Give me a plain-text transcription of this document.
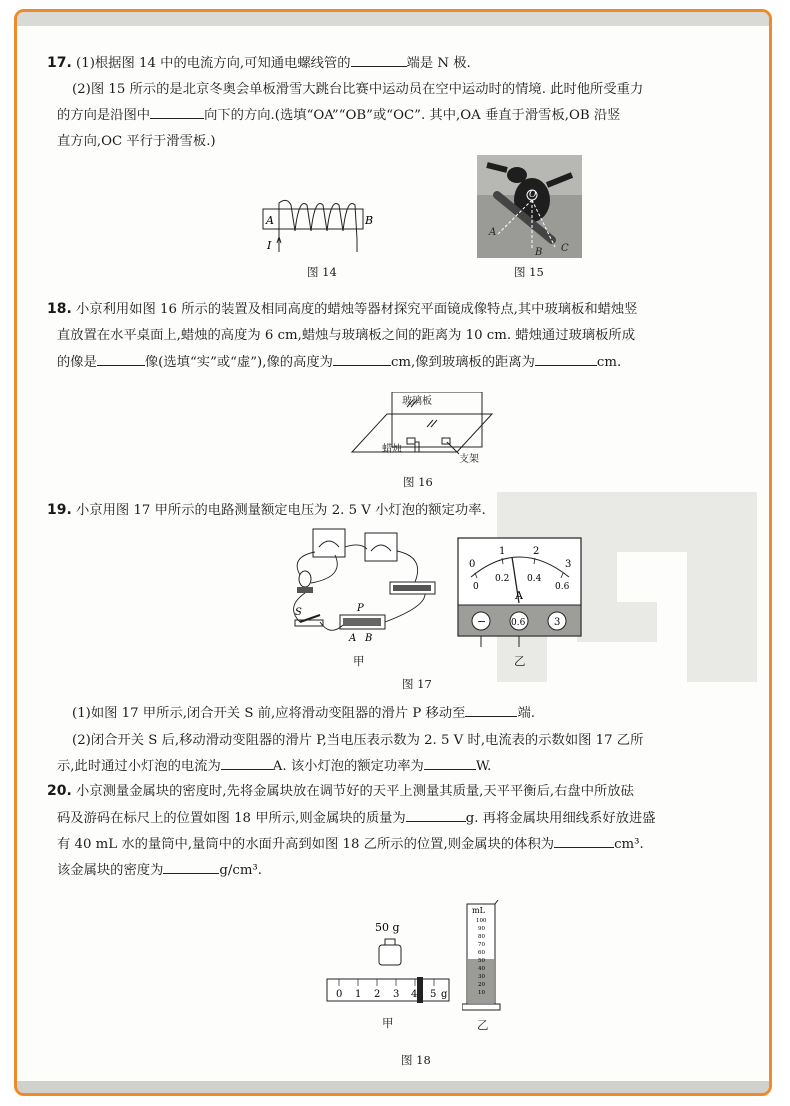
17. (1)根据图 14 中的电流方向,可知通电螺线管的	端是 N 极.
(2)图 15 所示的是北京冬奥会单板滑雪大跳台比赛中运动员在空中运动时的情境. 此时他所受重力
的方向是沿图中	向下的方向.(选填“OA”“OB”或“OC”. 其中,OA 垂直于滑雪板,OB 沿竖
直方向,OC 平行于滑雪板.)
A	B
I
图 14
O
A
B C
图 15
18. 小京利用如图 16 所示的装置及相同高度的蜡烛等器材探究平面镜成像特点,其中玻璃板和蜡烛竖
直放置在水平桌面上,蜡烛的高度为 6 cm,蜡烛与玻璃板之间的距离为 10 cm. 蜡烛通过玻璃板所成
的像是	像(选填“实”或“虚”),像的高度为	cm,像到玻璃板的距离为	cm.
玻璃板
蜡烛
支架
图 16
19. 小京用图 17 甲所示的电路测量额定电压为 2. 5 V 小灯泡的额定功率.
S	P
A B
甲
0
1	2
3
0
0.2 0.4
0.6
A
−	0.6	3
乙
图 17
(1)如图 17 甲所示,闭合开关 S 前,应将滑动变阻器的滑片 P 移动至	端.
(2)闭合开关 S 后,移动滑动变阻器的滑片 P,当电压表示数为 2. 5 V 时,电流表的示数如图 17 乙所
示,此时通过小灯泡的电流为	A. 该小灯泡的额定功率为	W.
20. 小京测量金属块的密度时,先将金属块放在调节好的天平上测量其质量,天平平衡后,右盘中所放砝
码及游码在标尺上的位置如图 18 甲所示,则金属块的质量为	g. 再将金属块用细线系好放进盛
有 40 mL 水的量筒中,量筒中的水面升高到如图 18 乙所示的位置,则金属块的体积为	cm³.
该金属块的密度为	g/cm³.
50 g
0 1 2 3 4 5 g
甲
mL
100
90
80
70
60
50
40
30
20
10
乙
图 18
